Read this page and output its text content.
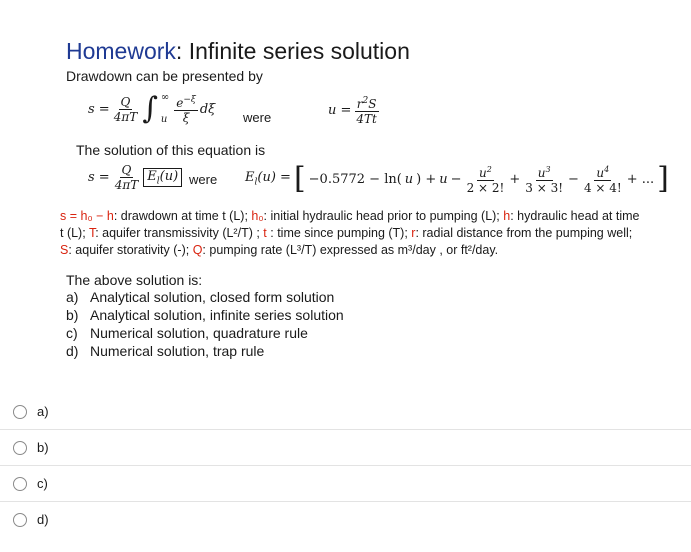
Homework: Infinite series solution
Drawdown can be presented by
$s = \frac{Q}{4\pi T}$ ∫ ∞
u $\frac{e^{-\xi}}{\xi}$ dξ
were	$u = \frac{r^2S}{4Tt}$
The solution of this equation is
$s = \frac{Q}{4\pi T} E_l(u)$ were $E_l(u)$ = [ −0.5772 − ln( u ) + $u - \frac{u^2}{2 \times 2!} + \frac{u^3}{3 \times 3!} - \frac{u^4}{4 \times 4!}$ + ... ]
s = h₀ − h: drawdown at time t (L); h₀: initial hydraulic head prior to pumping (L); h: hydraulic head at time t (L); T: aquifer transmissivity (L²/T) ; t : time since pumping (T); r: radial distance from the pumping well; S: aquifer storativity (-); Q: pumping rate (L³/T) expressed as m³/day , or ft²/day.
The above solution is:
a) Analytical solution, closed form solution
b) Analytical solution, infinite series solution
c) Numerical solution, quadrature rule
d) Numerical solution, trap rule
a)
b)
c)
d)
